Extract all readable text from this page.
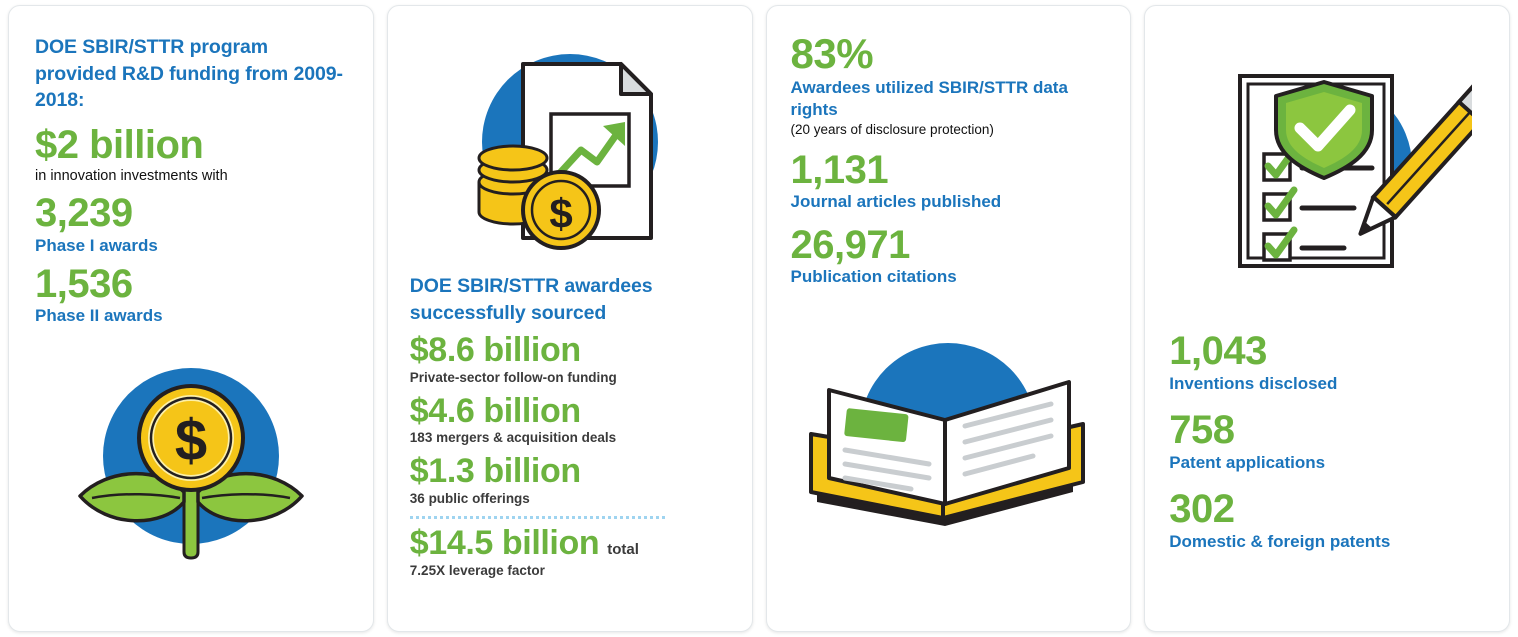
DOE SBIR/STTR program provided R&D funding from 2009-2018:
$2 billion
in innovation investments with
3,239
Phase I awards
1,536
Phase II awards
$
$
DOE SBIR/STTR awardees successfully sourced
$8.6 billion
Private-sector follow-on funding
$4.6 billion
183 mergers & acquisition deals
$1.3 billion
36 public offerings
$14.5 billion total
7.25X leverage factor
83%
Awardees utilized SBIR/STTR data rights
(20 years of disclosure protection)
1,131
Journal articles published
26,971
Publication citations
1,043
Inventions disclosed
758
Patent applications
302
Domestic & foreign patents
